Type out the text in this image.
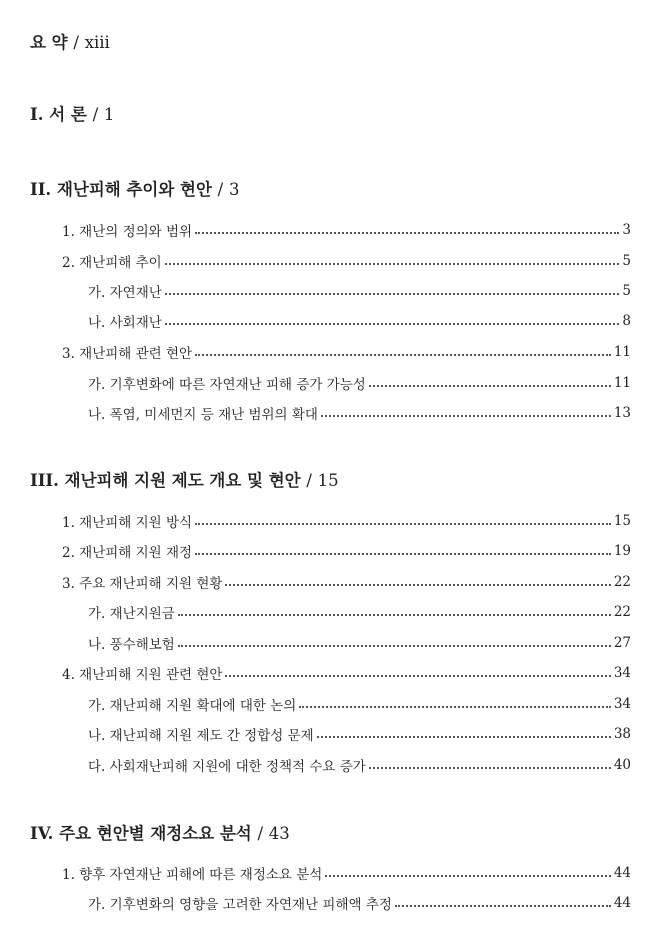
요 약 / xiii
I. 서 론 / 1
II. 재난피해 추이와 현안 / 3
1. 재난의 정의와 범위	3
2. 재난피해 추이	5
가. 자연재난	5
나. 사회재난	8
3. 재난피해 관련 현안	11
가. 기후변화에 따른 자연재난 피해 증가 가능성	11
나. 폭염, 미세먼지 등 재난 범위의 확대	13
III. 재난피해 지원 제도 개요 및 현안 / 15
1. 재난피해 지원 방식	15
2. 재난피해 지원 재정	19
3. 주요 재난피해 지원 현황	22
가. 재난지원금	22
나. 풍수해보험	27
4. 재난피해 지원 관련 현안	34
가. 재난피해 지원 확대에 대한 논의	34
나. 재난피해 지원 제도 간 정합성 문제	38
다. 사회재난피해 지원에 대한 정책적 수요 증가	40
IV. 주요 현안별 재정소요 분석 / 43
1. 향후 자연재난 피해에 따른 재정소요 분석	44
가. 기후변화의 영향을 고려한 자연재난 피해액 추정	44
